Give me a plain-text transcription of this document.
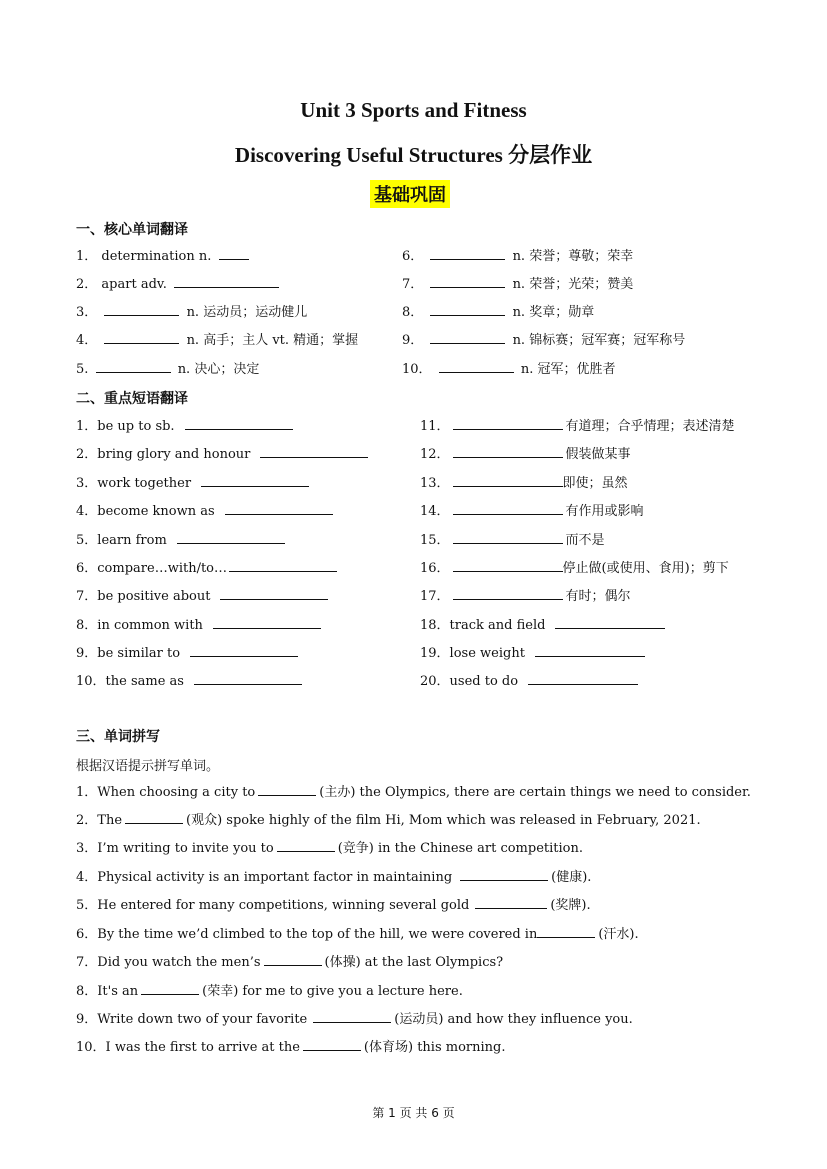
Unit 3 Sports and Fitness
Discovering Useful Structures 分层作业
基础巩固
一、核心单词翻译
1． determination n.
2． apart adv.
3．	n. 运动员；运动健儿
4．	n. 高手；主人 vt. 精通；掌握
5.	n. 决心；决定
6．	n. 荣誉；尊敬；荣幸
7．	n. 荣誉；光荣；赞美
8．	n. 奖章；勋章
9．	n. 锦标赛；冠军赛；冠军称号
10．	n. 冠军；优胜者
二、重点短语翻译
1．be up to sb.
2．bring glory and honour
3．work together
4．become known as
5．learn from
6．compare…with/to…
7．be positive about
8．in common with
9．be similar to
10．the same as
11．	有道理；合乎情理；表述清楚
12．	假装做某事
13．	即使；虽然
14．	有作用或影响
15．	而不是
16．	停止做(或使用、食用)；剪下
17．	有时；偶尔
18．track and field
19．lose weight
20．used to do
三、单词拼写
根据汉语提示拼写单词。
1．When choosing a city to	(主办) the Olympics, there are certain things we need to consider.
2．The	(观众) spoke highly of the film Hi, Mom which was released in February, 2021.
3．I’m writing to invite you to	(竞争) in the Chinese art competition.
4．Physical activity is an important factor in maintaining	(健康).
5．He entered for many competitions, winning several gold	(奖牌).
6．By the time we’d climbed to the top of the hill, we were covered in	(汗水).
7．Did you watch the men’s	(体操) at the last Olympics?
8．It's an	(荣幸) for me to give you a lecture here.
9．Write down two of your favorite	(运动员) and how they influence you.
10．I was the first to arrive at the	(体育场) this morning.
第 1 页 共 6 页
